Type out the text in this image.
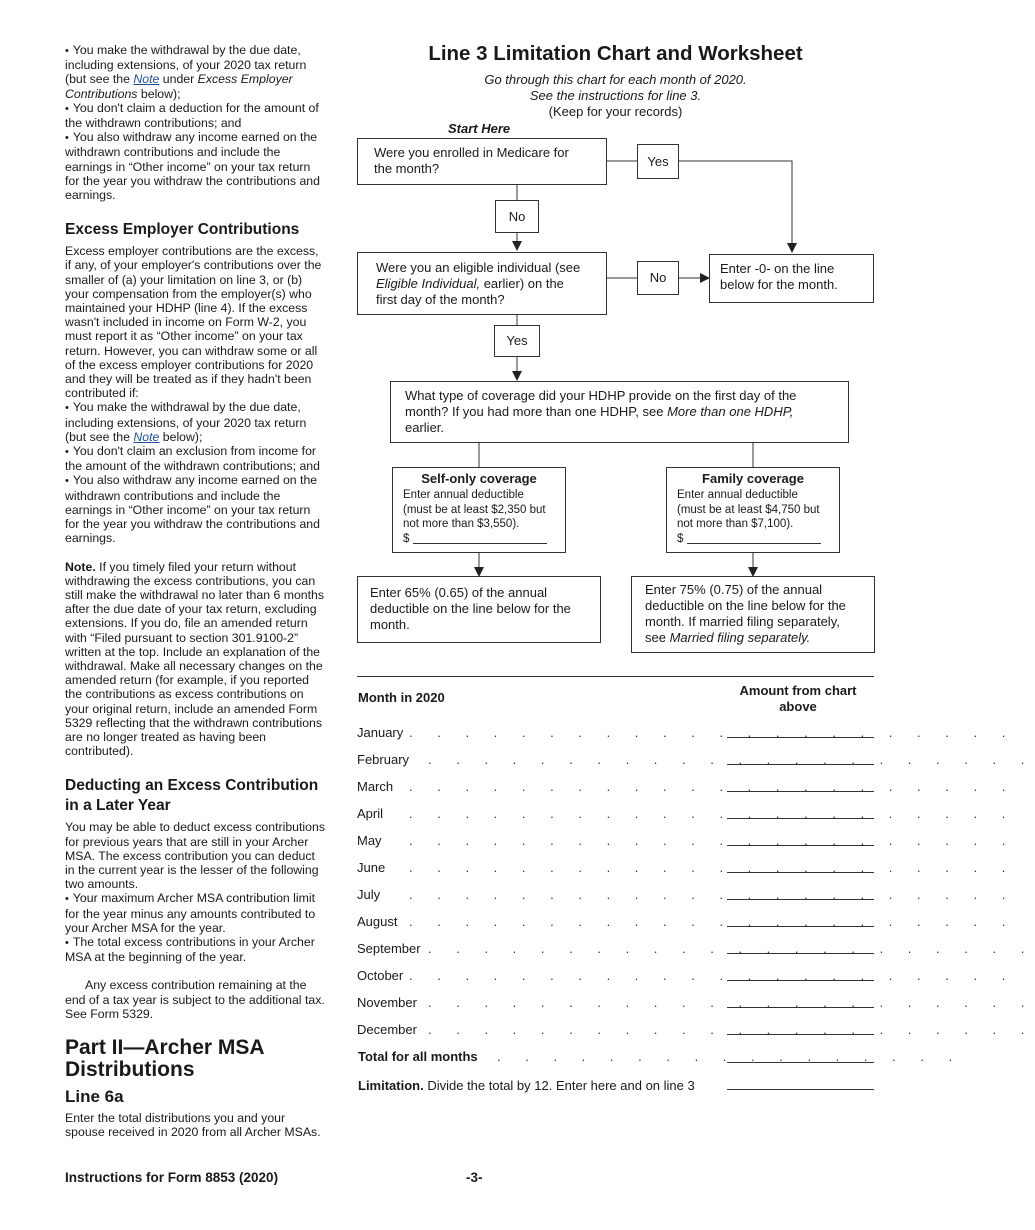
• You make the withdrawal by the due date, including extensions, of your 2020 tax return (but see the Note under Excess Employer Contributions below);

• You don't claim a deduction for the amount of the withdrawn contributions; and

• You also withdraw any income earned on the withdrawn contributions and include the earnings in “Other income” on your tax return for the year you withdraw the contributions and earnings.

Excess Employer Contributions

Excess employer contributions are the excess, if any, of your employer's contributions over the smaller of (a) your limitation on line 3, or (b) your compensation from the employer(s) who maintained your HDHP (line 4). If the excess wasn't included in income on Form W-2, you must report it as “Other income” on your tax return. However, you can withdraw some or all of the excess employer contributions for 2020 and they will be treated as if they hadn't been contributed if:

• You make the withdrawal by the due date, including extensions, of your 2020 tax return (but see the Note below);

• You don't claim an exclusion from income for the amount of the withdrawn contributions; and

• You also withdraw any income earned on the withdrawn contributions and include the earnings in “Other income” on your tax return for the year you withdraw the contributions and earnings.

Note. If you timely filed your return without withdrawing the excess contributions, you can still make the withdrawal no later than 6 months after the due date of your tax return, excluding extensions. If you do, file an amended return with “Filed pursuant to section 301.9100-2” written at the top. Include an explanation of the withdrawal. Make all necessary changes on the amended return (for example, if you reported the contributions as excess contributions on your original return, include an amended Form 5329 reflecting that the withdrawn contributions are no longer treated as having been contributed).

Deducting an Excess Contribution in a Later Year

You may be able to deduct excess contributions for previous years that are still in your Archer MSA. The excess contribution you can deduct in the current year is the lesser of the following two amounts.

• Your maximum Archer MSA contribution limit for the year minus any amounts contributed to your Archer MSA for the year.

• The total excess contributions in your Archer MSA at the beginning of the year.

Any excess contribution remaining at the end of a tax year is subject to the additional tax. See Form 5329.

Part II—Archer MSA Distributions

Line 6a

Enter the total distributions you and your spouse received in 2020 from all Archer MSAs.

Line 3 Limitation Chart and Worksheet
Go through this chart for each month of 2020.
See the instructions for line 3.
(Keep for your records)
Start Here
Were you enrolled in Medicare for the month?	Yes
No
Were you an eligible individual (see Eligible Individual, earlier) on the first day of the month?
No
Enter -0- on the line below for the month.
Yes
What type of coverage did your HDHP provide on the first day of the month? If you had more than one HDHP, see More than one HDHP, earlier.
Self-only coverage
Enter annual deductible (must be at least $2,350 but not more than $3,550).
$
Family coverage
Enter annual deductible (must be at least $4,750 but not more than $7,100).
$
Enter 65% (0.65) of the annual deductible on the line below for the month.
Enter 75% (0.75) of the annual deductible on the line below for the month. If married filing separately, see Married filing separately.
Month in 2020	Amount from chart above
January . . . . . . . . . . . . . . . . . . . . . .
February . . . . . . . . . . . . . . . . . . . . . .
March . . . . . . . . . . . . . . . . . . . . . .
April . . . . . . . . . . . . . . . . . . . . . .
May . . . . . . . . . . . . . . . . . . . . . .
June . . . . . . . . . . . . . . . . . . . . . .
July . . . . . . . . . . . . . . . . . . . . . .
August . . . . . . . . . . . . . . . . . . . . . .
September . . . . . . . . . . . . . . . . . . . . . .
October . . . . . . . . . . . . . . . . . . . . . .
November . . . . . . . . . . . . . . . . . . . . . .
December . . . . . . . . . . . . . . . . . . . . . .
Total for all months . . . . . . . . . . . . . . . . .
Limitation. Divide the total by 12. Enter here and on line 3
Instructions for Form 8853 (2020)	-3-
